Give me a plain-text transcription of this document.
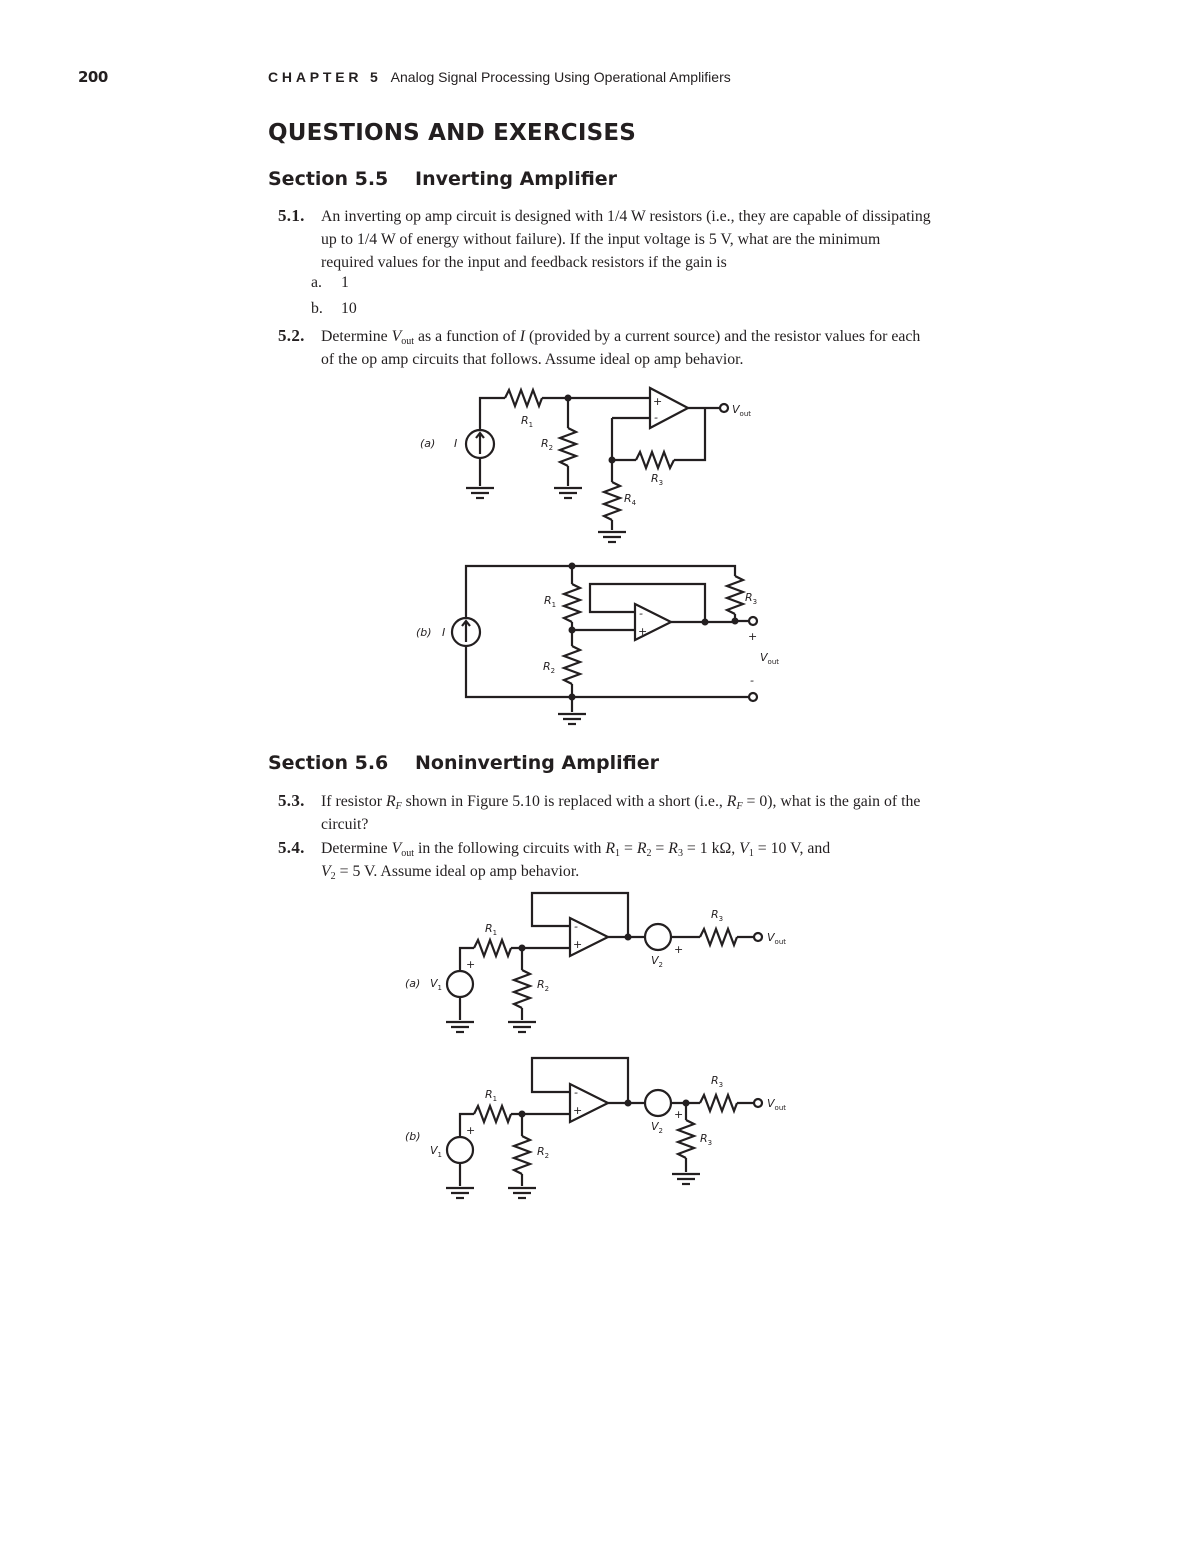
200	CHAPTER 5 Analog Signal Processing Using Operational Amplifiers
QUESTIONS AND EXERCISES
Section 5.5 Inverting Amplifier
5.1. An inverting op amp circuit is designed with 1/4 W resistors (i.e., they are capable of dissipating up to 1/4 W of energy without failure). If the input voltage is 5 V, what are the minimum required values for the input and feedback resistors if the gain is
a. 1
b. 10
5.2. Determine $V_{out}$ as a function of I (provided by a current source) and the resistor values for each of the op amp circuits that follows. Assume ideal op amp behavior.
+
-
(a) I
$R_1$
$R_2$
$R_3$
$R_4$
$V_{out}$
-
+
(b) I
$R_1$
$R_2$
$R_3$
+
$V_{out}$
-
Section 5.6 Noninverting Amplifier
5.3. If resistor $R_F$ shown in Figure 5.10 is replaced with a short (i.e., $R_F = 0$), what is the gain of the circuit?
5.4. Determine $V_{out}$ in the following circuits with $R_1 = R_2 = R_3 = 1$ kΩ, $V_1 = 10$ V, and
$V_2 = 5$ V. Assume ideal op amp behavior.
-
+
$R_1$
$R_2$
$R_3$
+
+
(a) $V_1$
$V_2$
$V_{out}$
-
+
$R_1$
$R_2$
$R_3$
$R_3$
+
+
(b)
$V_1$
$V_2$
$V_{out}$
